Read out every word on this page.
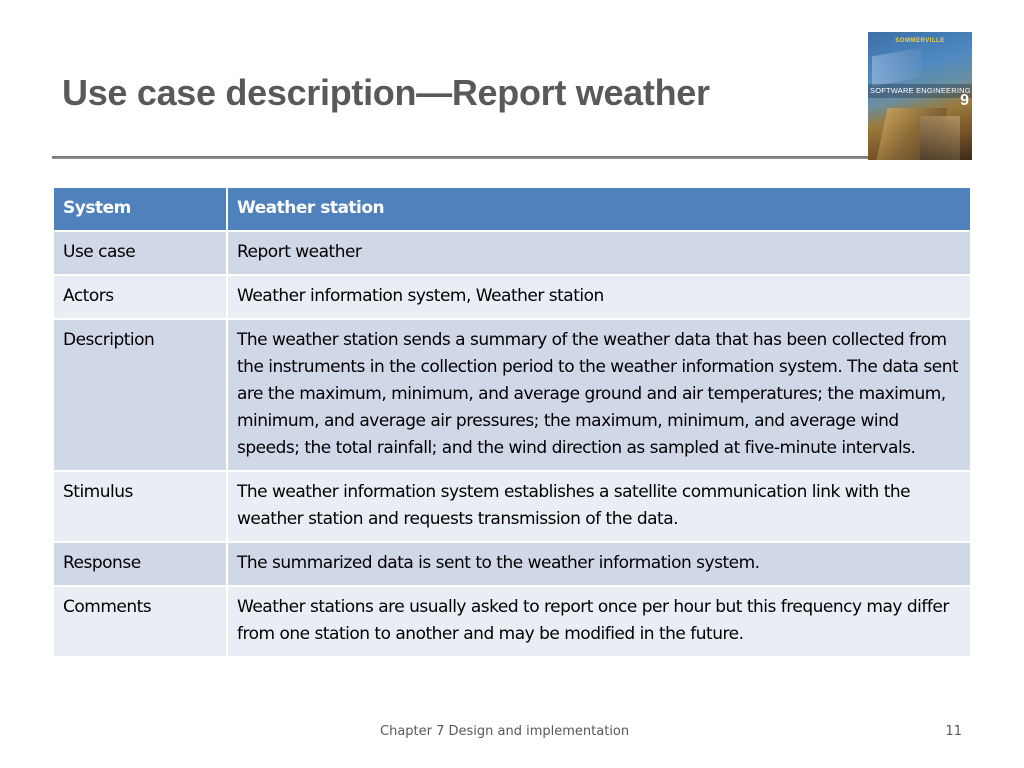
Use case description—Report weather
SOMMERVILLE
SOFTWARE ENGINEERING
9
System	Weather station
Use case	Report weather
Actors	Weather information system, Weather station
Description	The weather station sends a summary of the weather data that has been collected from the instruments in the collection period to the weather information system. The data sent are the maximum, minimum, and average ground and air temperatures; the maximum, minimum, and average air pressures; the maximum, minimum, and average wind speeds; the total rainfall; and the wind direction as sampled at five-minute intervals.
Stimulus	The weather information system establishes a satellite communication link with the weather station and requests transmission of the data.
Response	The summarized data is sent to the weather information system.
Comments	Weather stations are usually asked to report once per hour but this frequency may differ from one station to another and may be modified in the future.
Chapter 7 Design and implementation	11
